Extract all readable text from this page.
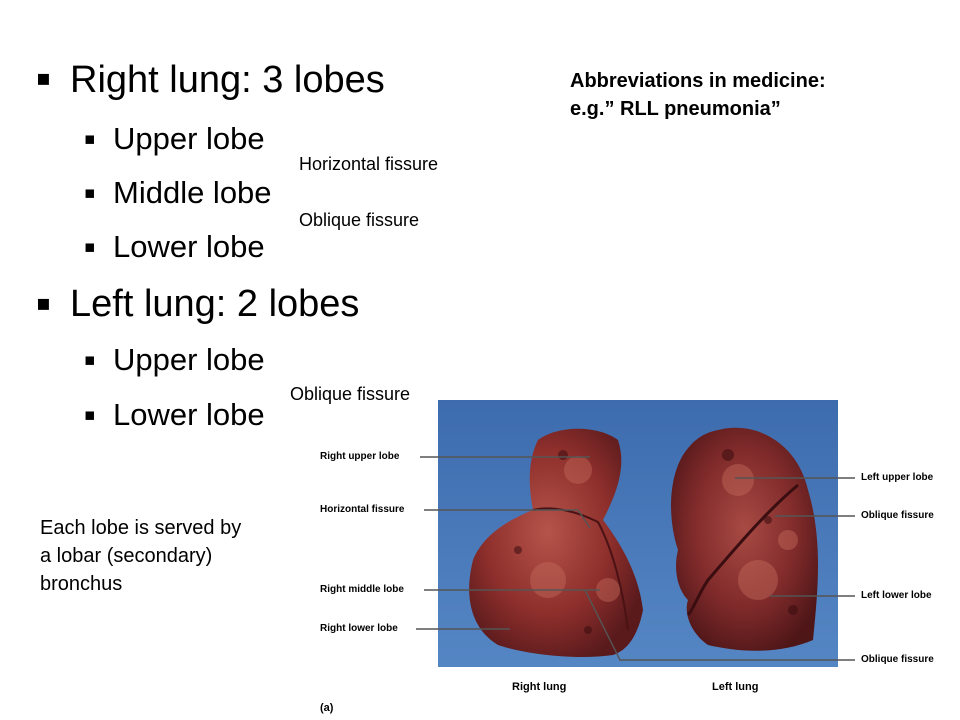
▪ Right lung: 3 lobes
▪ Upper lobe
Horizontal fissure
▪ Middle lobe
Oblique fissure
▪ Lower lobe
▪ Left lung: 2 lobes
▪ Upper lobe
Oblique fissure
▪ Lower lobe
Abbreviations in medicine:
e.g.” RLL pneumonia”
Each lobe is served by
a lobar (secondary)
bronchus
Right upper lobe
Horizontal fissure
Right middle lobe
Right lower lobe
Left upper lobe
Oblique fissure
Left lower lobe
Oblique fissure
Right lung	Left lung
(a)
